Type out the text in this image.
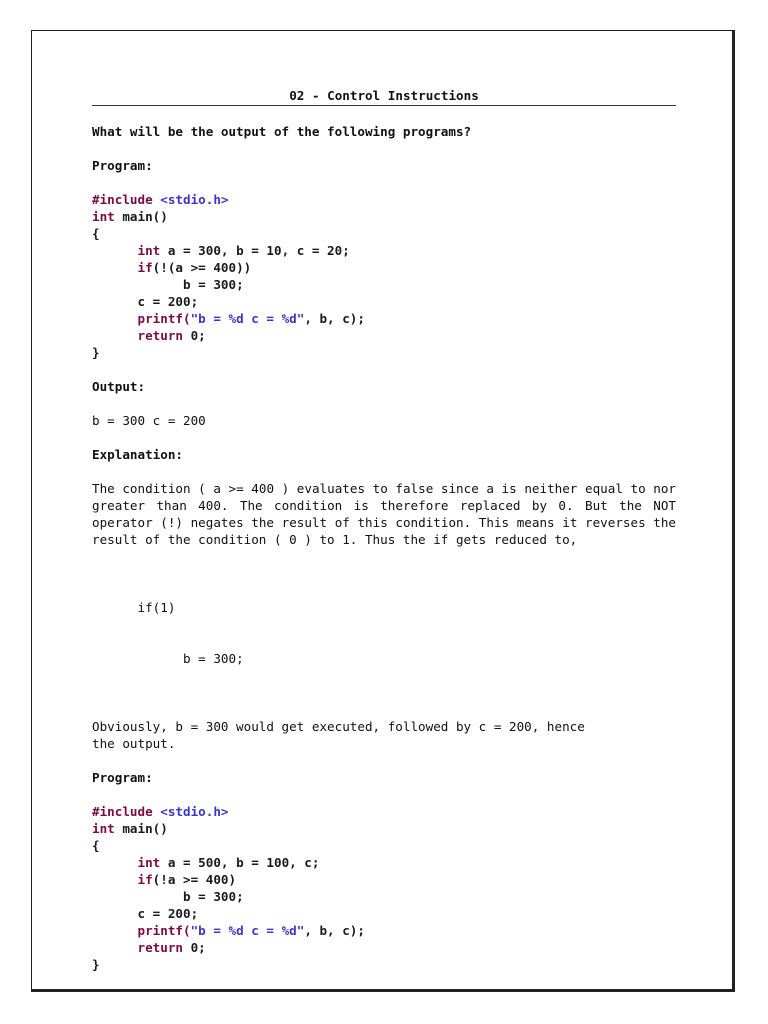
02 - Control Instructions
What will be the output of the following programs?
Program:
#include <stdio.h>
int main()
{
int a = 300, b = 10, c = 20;
if(!(a >= 400))
b = 300;
c = 200;
printf("b = %d c = %d", b, c);
return 0;
}
Output:
b = 300 c = 200
Explanation:
The condition ( a >= 400 ) evaluates to false since a is neither equal to nor greater than 400. The condition is therefore replaced by 0. But the NOT operator (!) negates the result of this condition. This means it reverses the result of the condition ( 0 ) to 1. Thus the if gets reduced to,

if(1)

b = 300;

Obviously, b = 300 would get executed, followed by c = 200, hence
the output.
Program:
#include <stdio.h>
int main()
{
int a = 500, b = 100, c;
if(!a >= 400)
b = 300;
c = 200;
printf("b = %d c = %d", b, c);
return 0;
}
